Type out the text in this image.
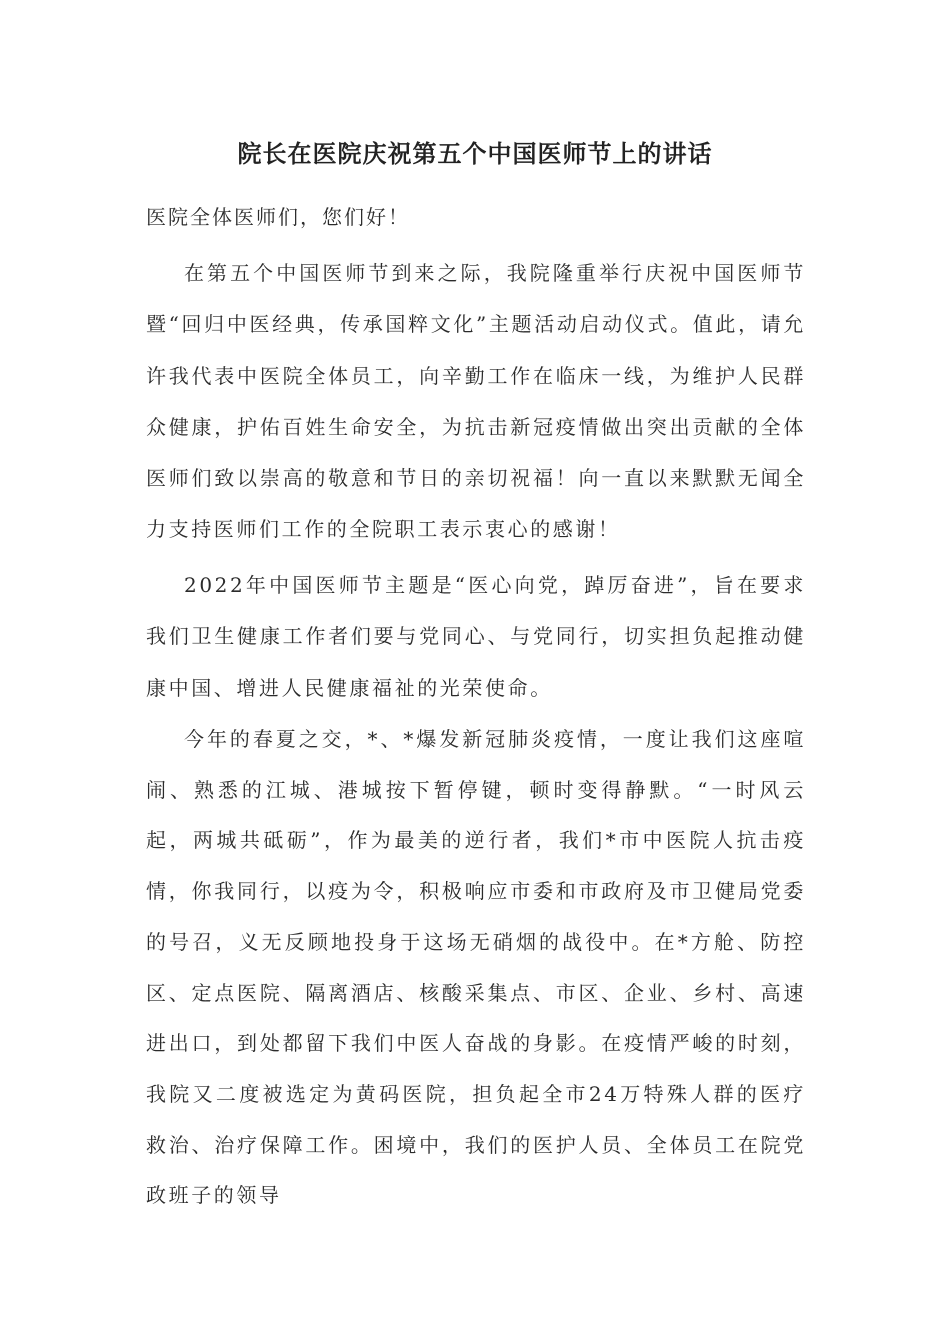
院长在医院庆祝第五个中国医师节上的讲话

医院全体医师们，您们好！

在第五个中国医师节到来之际，我院隆重举行庆祝中国医师节暨“回归中医经典，传承国粹文化”主题活动启动仪式。值此，请允许我代表中医院全体员工，向辛勤工作在临床一线，为维护人民群众健康，护佑百姓生命安全，为抗击新冠疫情做出突出贡献的全体医师们致以崇高的敬意和节日的亲切祝福！向一直以来默默无闻全力支持医师们工作的全院职工表示衷心的感谢！

2022年中国医师节主题是“医心向党，踔厉奋进”，旨在要求我们卫生健康工作者们要与党同心、与党同行，切实担负起推动健康中国、增进人民健康福祉的光荣使命。

今年的春夏之交，*、*爆发新冠肺炎疫情，一度让我们这座喧闹、熟悉的江城、港城按下暂停键，顿时变得静默。“一时风云起，两城共砥砺”，作为最美的逆行者，我们*市中医院人抗击疫情，你我同行，以疫为令，积极响应市委和市政府及市卫健局党委的号召，义无反顾地投身于这场无硝烟的战役中。在*方舱、防控区、定点医院、隔离酒店、核酸采集点、市区、企业、乡村、高速进出口，到处都留下我们中医人奋战的身影。在疫情严峻的时刻，我院又二度被选定为黄码医院，担负起全市24万特殊人群的医疗救治、治疗保障工作。困境中，我们的医护人员、全体员工在院党政班子的领导
